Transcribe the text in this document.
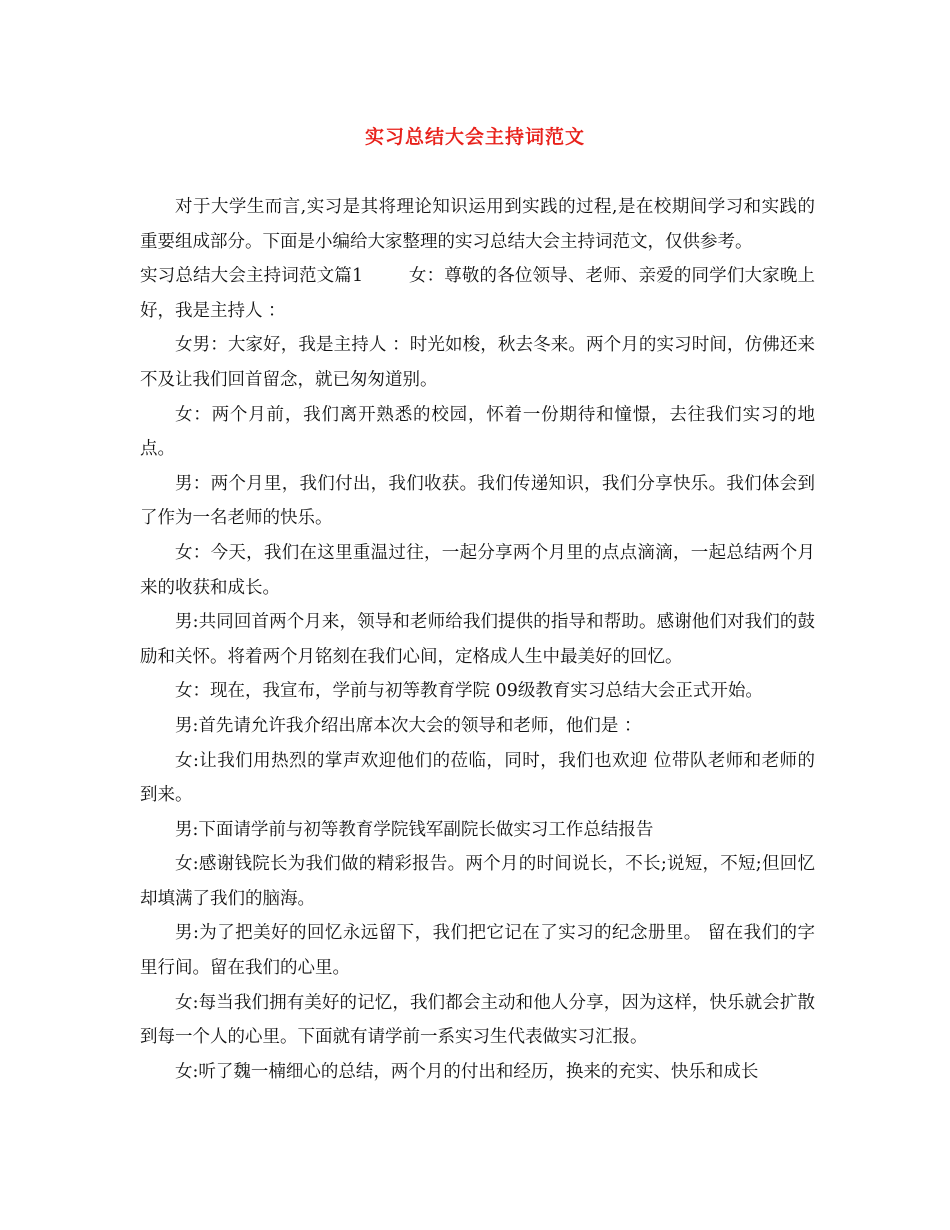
实习总结大会主持词范文

对于大学生而言,实习是其将理论知识运用到实践的过程,是在校期间学习和实践的重要组成部分。下面是小编给大家整理的实习总结大会主持词范文，仅供参考。

实习总结大会主持词范文篇1        女：尊敬的各位领导、老师、亲爱的同学们大家晚上好，我是主持人 ：

女男：大家好，我是主持人 ：时光如梭，秋去冬来。两个月的实习时间，仿佛还来不及让我们回首留念，就已匆匆道别。

女：两个月前，我们离开熟悉的校园，怀着一份期待和憧憬，去往我们实习的地点。

男：两个月里，我们付出，我们收获。我们传递知识，我们分享快乐。我们体会到了作为一名老师的快乐。

女：今天，我们在这里重温过往，一起分享两个月里的点点滴滴，一起总结两个月来的收获和成长。

男:共同回首两个月来，领导和老师给我们提供的指导和帮助。感谢他们对我们的鼓励和关怀。将着两个月铭刻在我们心间，定格成人生中最美好的回忆。

女：现在，我宣布，学前与初等教育学院 09级教育实习总结大会正式开始。

男:首先请允许我介绍出席本次大会的领导和老师，他们是 ：

女:让我们用热烈的掌声欢迎他们的莅临，同时，我们也欢迎 位带队老师和老师的到来。

男:下面请学前与初等教育学院钱军副院长做实习工作总结报告

女:感谢钱院长为我们做的精彩报告。两个月的时间说长，不长;说短，不短;但回忆却填满了我们的脑海。

男:为了把美好的回忆永远留下，我们把它记在了实习的纪念册里。 留在我们的字里行间。留在我们的心里。

女:每当我们拥有美好的记忆，我们都会主动和他人分享，因为这样，快乐就会扩散到每一个人的心里。下面就有请学前一系实习生代表做实习汇报。

女:听了魏一楠细心的总结，两个月的付出和经历，换来的充实、快乐和成长
